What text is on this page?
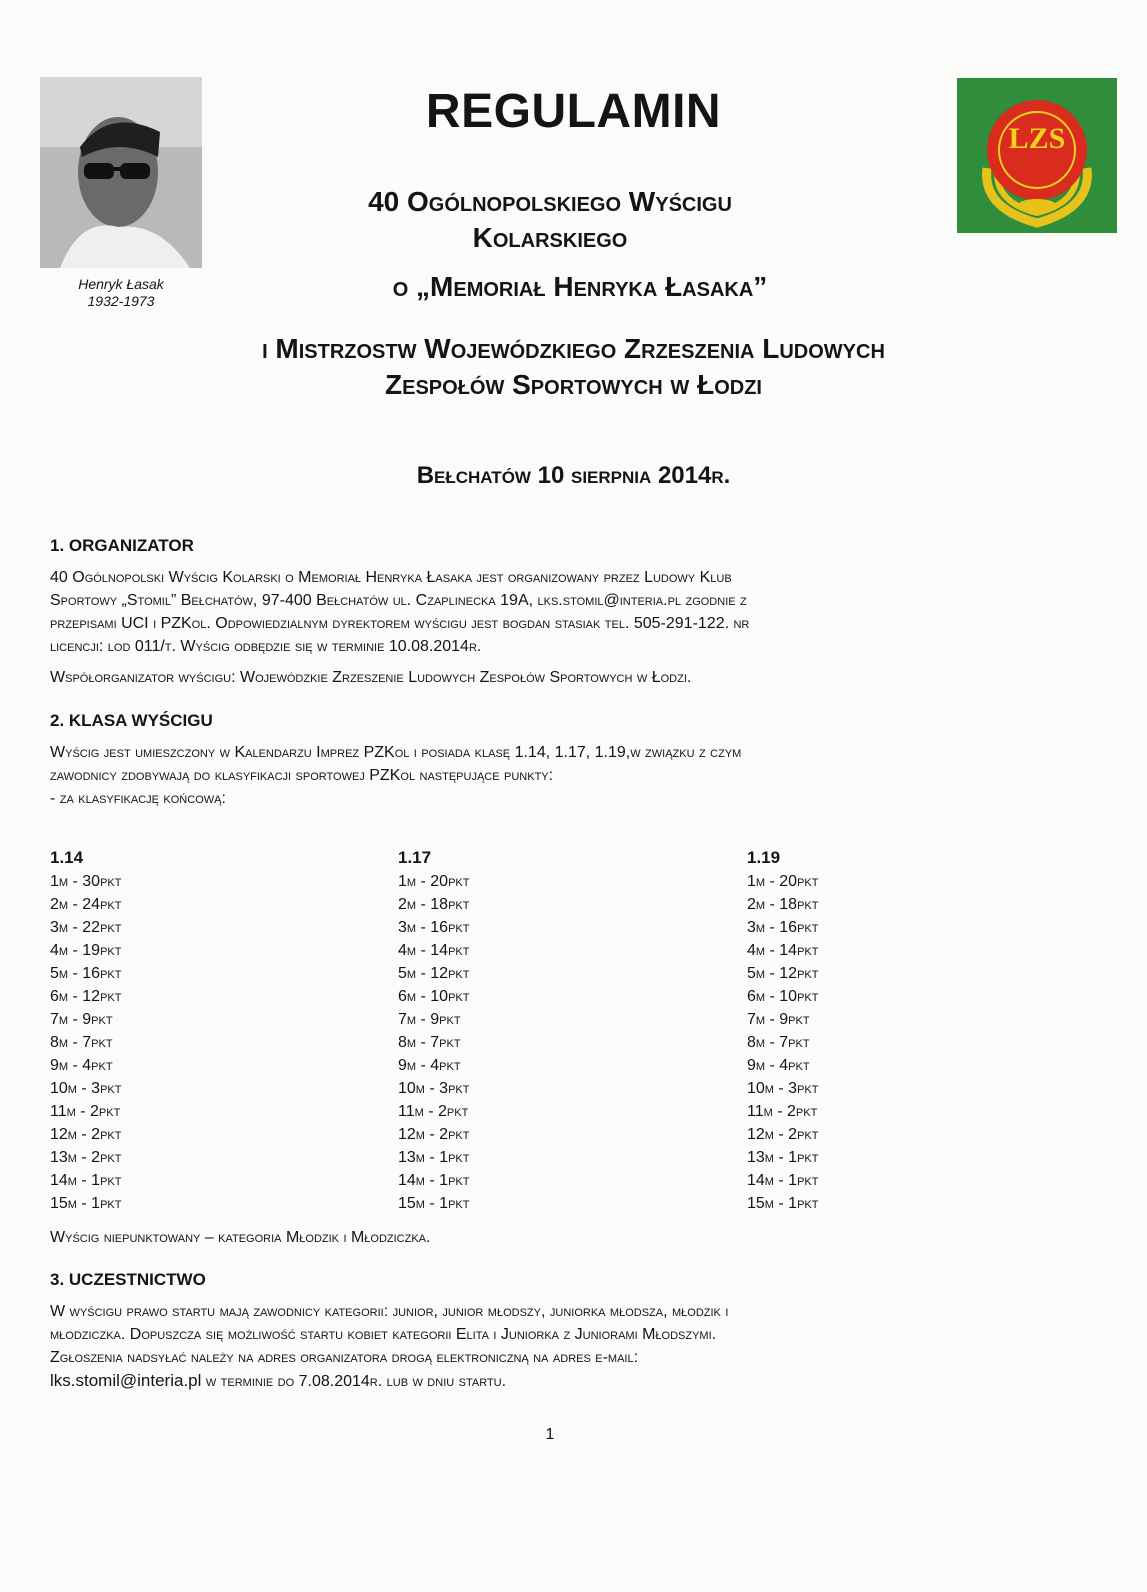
Henryk Łasak
1932-1973
LZS
REGULAMIN
40 Ogólnopolskiego Wyścigu
Kolarskiego
o „Memoriał Henryka Łasaka”
i Mistrzostw Wojewódzkiego Zrzeszenia Ludowych
Zespołów Sportowych w Łodzi
Bełchatów 10 sierpnia 2014r.
1. ORGANIZATOR
40 Ogólnopolski Wyścig Kolarski o Memoriał Henryka Łasaka jest organizowany przez Ludowy Klub
Sportowy „Stomil” Bełchatów, 97-400 Bełchatów ul. Czaplinecka 19A, lks.stomil@interia.pl zgodnie z
przepisami UCI i PZKol. Odpowiedzialnym dyrektorem wyścigu jest bogdan stasiak tel. 505-291-122. nr
licencji: lod 011/t. Wyścig odbędzie się w terminie 10.08.2014r.
Współorganizator wyścigu: Wojewódzkie Zrzeszenie Ludowych Zespołów Sportowych w Łodzi.
2. KLASA WYŚCIGU
Wyścig jest umieszczony w Kalendarzu Imprez PZKol i posiada klasę 1.14, 1.17, 1.19,w związku z czym
zawodnicy zdobywają do klasyfikacji sportowej PZKol następujące punkty:
- za klasyfikację końcową:
1.14
1m - 30pkt
2m - 24pkt
3m - 22pkt
4m - 19pkt
5m - 16pkt
6m - 12pkt
7m - 9pkt
8m - 7pkt
9m - 4pkt
10m - 3pkt
11m - 2pkt
12m - 2pkt
13m - 2pkt
14m - 1pkt
15m - 1pkt
1.17
1m - 20pkt
2m - 18pkt
3m - 16pkt
4m - 14pkt
5m - 12pkt
6m - 10pkt
7m - 9pkt
8m - 7pkt
9m - 4pkt
10m - 3pkt
11m - 2pkt
12m - 2pkt
13m - 1pkt
14m - 1pkt
15m - 1pkt
1.19
1m - 20pkt
2m - 18pkt
3m - 16pkt
4m - 14pkt
5m - 12pkt
6m - 10pkt
7m - 9pkt
8m - 7pkt
9m - 4pkt
10m - 3pkt
11m - 2pkt
12m - 2pkt
13m - 1pkt
14m - 1pkt
15m - 1pkt
Wyścig niepunktowany – kategoria Młodzik i Młodziczka.
3. UCZESTNICTWO
W wyścigu prawo startu mają zawodnicy kategorii: junior, junior młodszy, juniorka młodsza, młodzik i
młodziczka. Dopuszcza się możliwość startu kobiet kategorii Elita i Juniorka z Juniorami Młodszymi.
Zgłoszenia nadsyłać należy na adres organizatora drogą elektroniczną na adres e-mail:
lks.stomil@interia.pl w terminie do 7.08.2014r. lub w dniu startu.
1
